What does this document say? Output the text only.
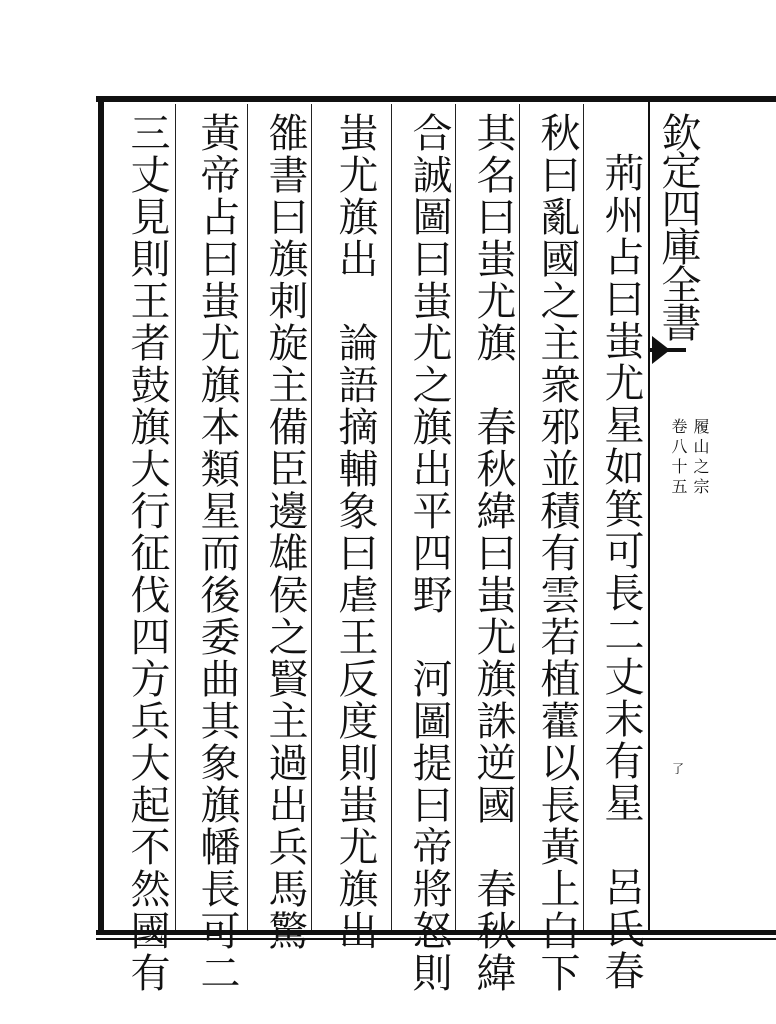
欽定四庫全書
履山之宗
卷八十五
了
荊州占曰蚩尤星如箕可長二丈末有星　呂氏春
秋曰亂國之主衆邪並積有雲若植藿以長黃上白下
其名曰蚩尤旗　春秋緯曰蚩尤旗誅逆國　春秋緯
合誠圖曰蚩尤之旗出平四野　河圖提曰帝將怒則
蚩尤旗出　論語摘輔象曰虐王反度則蚩尤旗出
雒書曰旗刺旋主備臣邊雄侯之賢主過出兵馬驚
黃帝占曰蚩尤旗本類星而後委曲其象旗幡長可二
三丈見則王者鼓旗大行征伐四方兵大起不然國有
